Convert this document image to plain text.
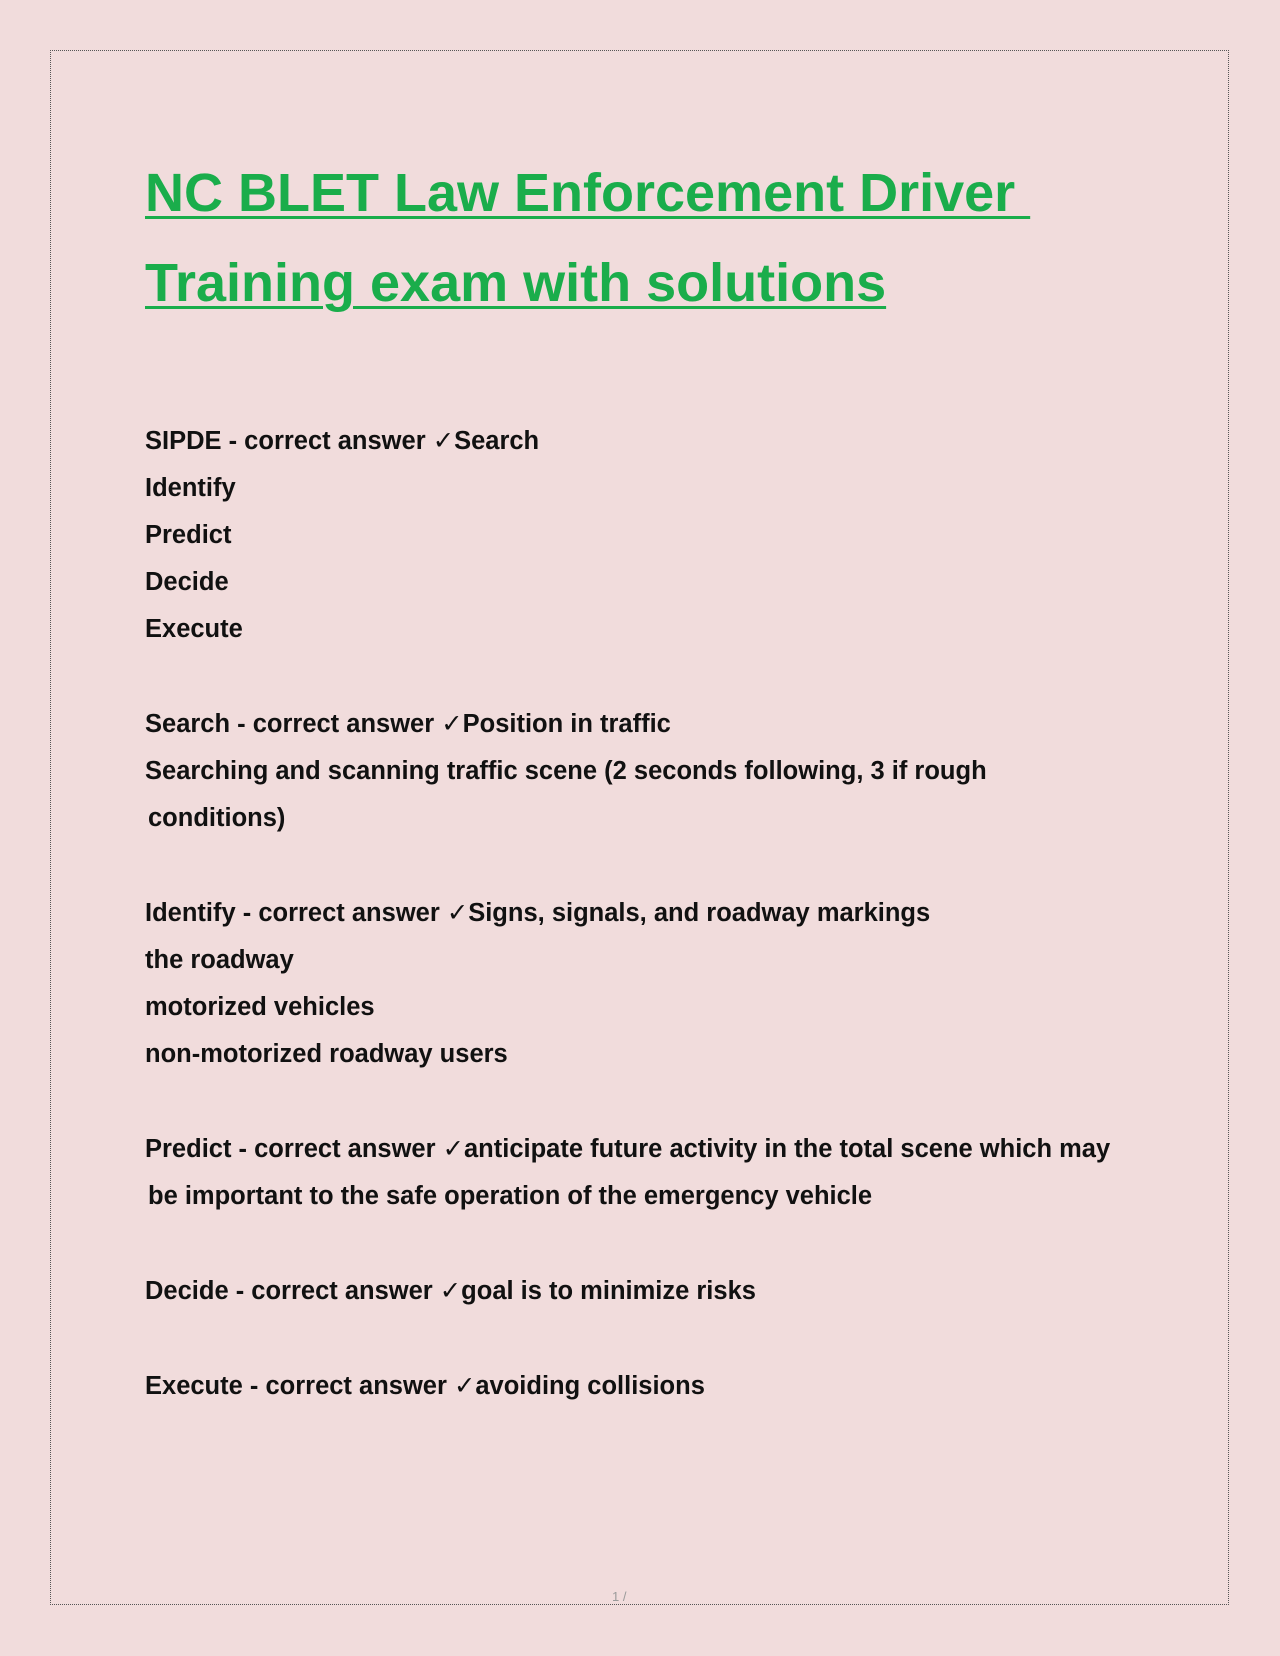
NC BLET Law Enforcement Driver
Training exam with solutions
SIPDE - correct answer ✓Search
Identify
Predict
Decide
Execute
Search - correct answer ✓Position in traffic
Searching and scanning traffic scene (2 seconds following, 3 if rough
conditions)
Identify - correct answer ✓Signs, signals, and roadway markings
the roadway
motorized vehicles
non-motorized roadway users
Predict - correct answer ✓anticipate future activity in the total scene which may
be important to the safe operation of the emergency vehicle
Decide - correct answer ✓goal is to minimize risks
Execute - correct answer ✓avoiding collisions
1 /
